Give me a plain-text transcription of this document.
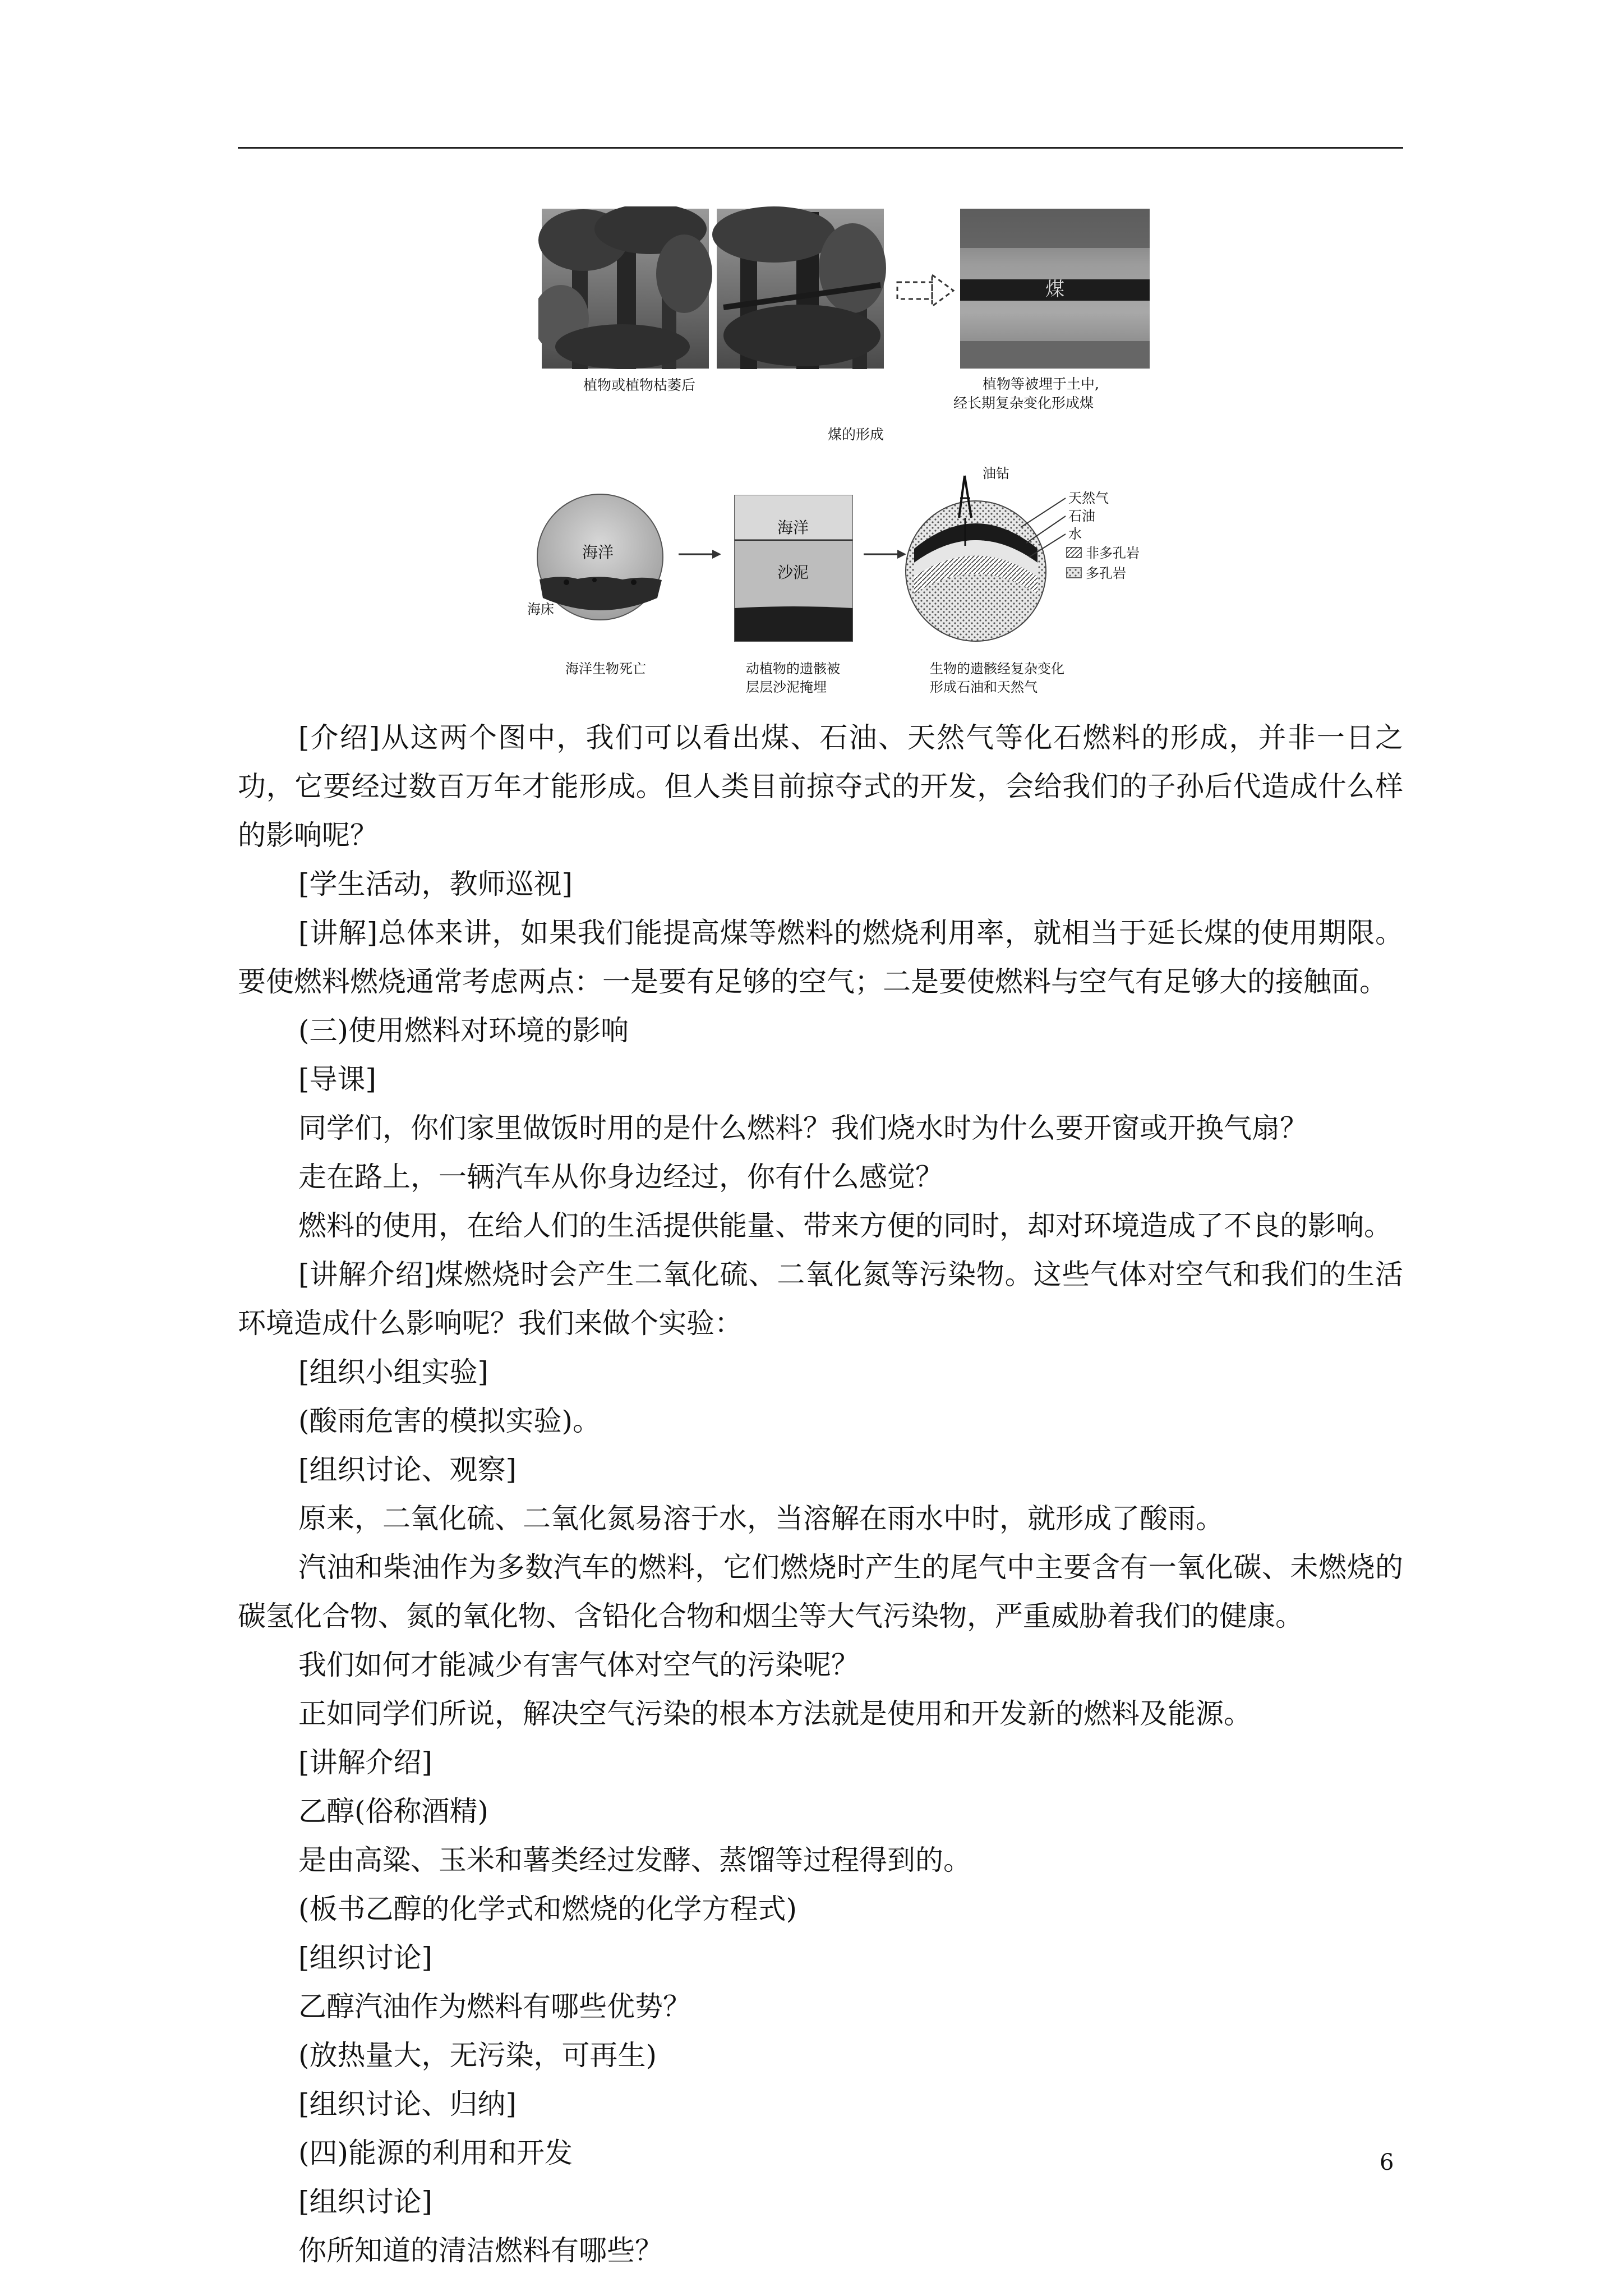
煤
植物或植物枯萎后	植物等被埋于土中,
经长期复杂变化形成煤
煤的形成
海洋
海床
海洋
沙泥
油钻
天然气
石油
水
非多孔岩
多孔岩
海洋生物死亡	动植物的遗骸被
层层沙泥掩埋
生物的遗骸经复杂变化
形成石油和天然气

[介绍]从这两个图中，我们可以看出煤、石油、天然气等化石燃料的形成，并非一日之功，它要经过数百万年才能形成。但人类目前掠夺式的开发，会给我们的子孙后代造成什么样的影响呢？

[学生活动，教师巡视]

[讲解]总体来讲，如果我们能提高煤等燃料的燃烧利用率，就相当于延长煤的使用期限。要使燃料燃烧通常考虑两点：一是要有足够的空气；二是要使燃料与空气有足够大的接触面。

(三)使用燃料对环境的影响

[导课]

同学们，你们家里做饭时用的是什么燃料？我们烧水时为什么要开窗或开换气扇？

走在路上，一辆汽车从你身边经过，你有什么感觉？

燃料的使用，在给人们的生活提供能量、带来方便的同时，却对环境造成了不良的影响。

[讲解介绍]煤燃烧时会产生二氧化硫、二氧化氮等污染物。这些气体对空气和我们的生活环境造成什么影响呢？我们来做个实验：

[组织小组实验]

(酸雨危害的模拟实验)。

[组织讨论、观察]

原来，二氧化硫、二氧化氮易溶于水，当溶解在雨水中时，就形成了酸雨。

汽油和柴油作为多数汽车的燃料，它们燃烧时产生的尾气中主要含有一氧化碳、未燃烧的碳氢化合物、氮的氧化物、含铅化合物和烟尘等大气污染物，严重威胁着我们的健康。

我们如何才能减少有害气体对空气的污染呢？

正如同学们所说，解决空气污染的根本方法就是使用和开发新的燃料及能源。

[讲解介绍]

乙醇(俗称酒精)

是由高粱、玉米和薯类经过发酵、蒸馏等过程得到的。

(板书乙醇的化学式和燃烧的化学方程式)

[组织讨论]

乙醇汽油作为燃料有哪些优势？

(放热量大，无污染，可再生)

[组织讨论、归纳]

(四)能源的利用和开发

[组织讨论]

你所知道的清洁燃料有哪些？

6
